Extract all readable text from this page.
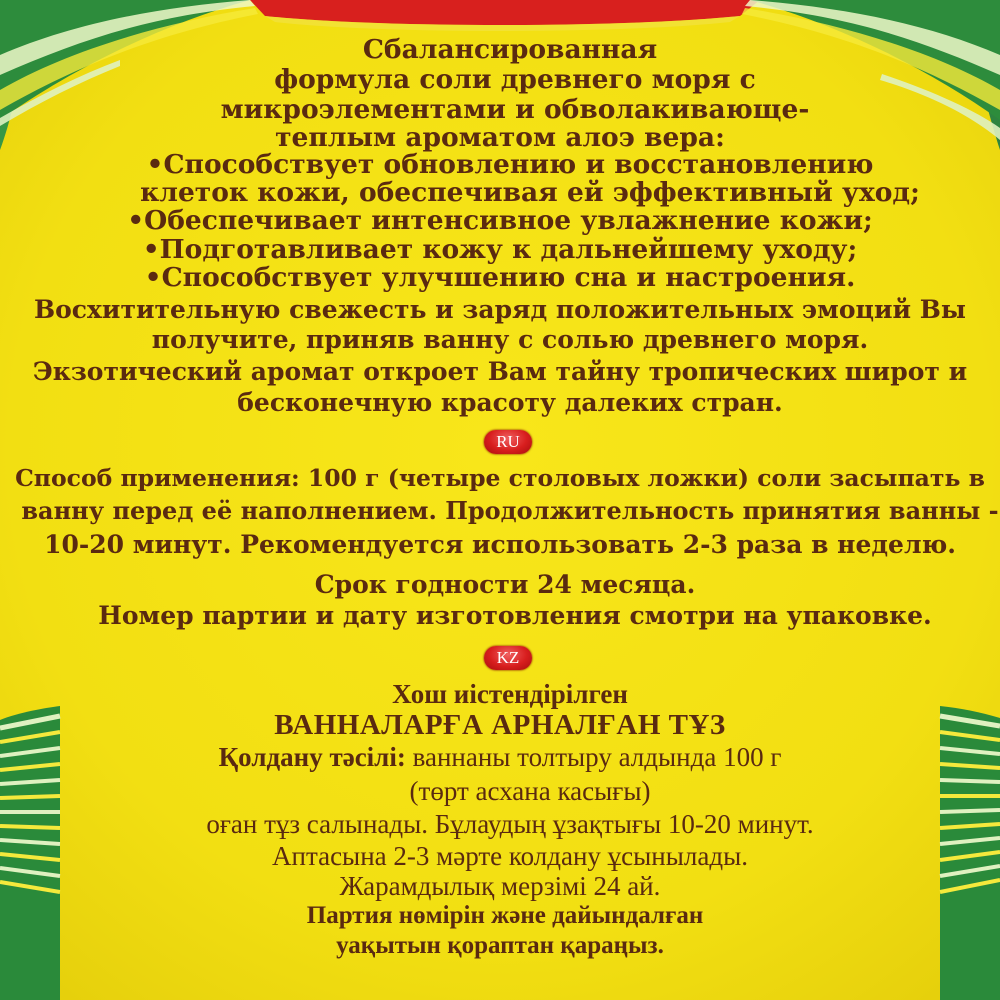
Сбалансированная
формула соли древнего моря с
микроэлементами и обволакивающе-
теплым ароматом алоэ вера:
•Способствует обновлению и восстановлению
клеток кожи, обеспечивая ей эффективный уход;
•Обеспечивает интенсивное увлажнение кожи;
•Подготавливает кожу к дальнейшему уходу;
•Способствует улучшению сна и настроения.
Восхитительную свежесть и заряд положительных эмоций Вы
получите, приняв ванну с солью древнего моря.
Экзотический аромат откроет Вам тайну тропических широт и
бесконечную красоту далеких стран.
RU
Способ применения: 100 г (четыре столовых ложки) соли засыпать в
ванну перед её наполнением. Продолжительность принятия ванны -
10-20 минут. Рекомендуется использовать 2-3 раза в неделю.
Срок годности 24 месяца.
Номер партии и дату изготовления смотри на упаковке.
KZ
Хош иістендірілген
ВАННАЛАРҒА АРНАЛҒАН ТҰЗ
Қолдану тәсілі: ваннаны толтыру алдында 100 г
(төрт асхана касығы)
оған тұз салынады. Бұлаудың ұзақтығы 10-20 минут.
Аптасына 2-3 мәрте колдану ұсынылады.
Жарамдылық мерзімі 24 ай.
Партия нөмірін және дайындалған
уақытын қораптан қараңыз.
